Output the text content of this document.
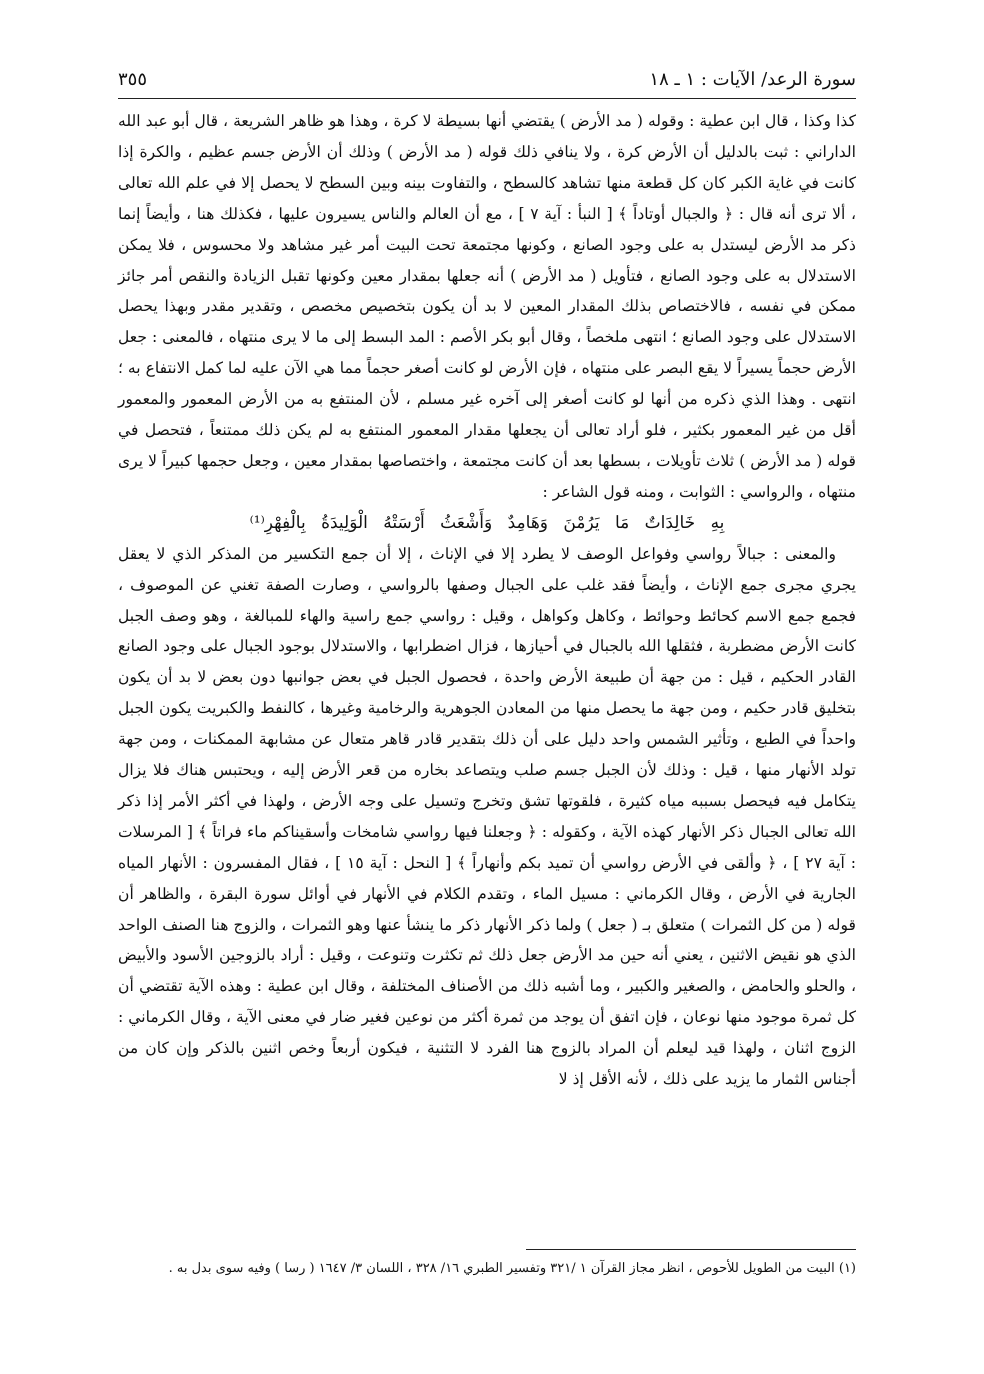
سورة الرعد/ الآيات : ١ ـ ١٨
٣٥٥

كذا وكذا ، قال ابن عطية : وقوله ( مد الأرض ) يقتضي أنها بسيطة لا كرة ، وهذا هو ظاهر الشريعة ، قال أبو عبد الله الداراني : ثبت بالدليل أن الأرض كرة ، ولا ينافي ذلك قوله ( مد الأرض ) وذلك أن الأرض جسم عظيم ، والكرة إذا كانت في غاية الكبر كان كل قطعة منها تشاهد كالسطح ، والتفاوت بينه وبين السطح لا يحصل إلا في علم الله تعالى ، ألا ترى أنه قال : ﴿ والجبال أوتاداً ﴾ [ النبأ : آية ٧ ] ، مع أن العالم والناس يسيرون عليها ، فكذلك هنا ، وأيضاً إنما ذكر مد الأرض ليستدل به على وجود الصانع ، وكونها مجتمعة تحت البيت أمر غير مشاهد ولا محسوس ، فلا يمكن الاستدلال به على وجود الصانع ، فتأويل ( مد الأرض ) أنه جعلها بمقدار معين وكونها تقبل الزيادة والنقص أمر جائز ممكن في نفسه ، فالاختصاص بذلك المقدار المعين لا بد أن يكون بتخصيص مخصص ، وتقدير مقدر وبهذا يحصل الاستدلال على وجود الصانع ؛ انتهى ملخصاً ، وقال أبو بكر الأصم : المد البسط إلى ما لا يرى منتهاه ، فالمعنى : جعل الأرض حجماً يسيراً لا يقع البصر على منتهاه ، فإن الأرض لو كانت أصغر حجماً مما هي الآن عليه لما كمل الانتفاع به ؛ انتهى . وهذا الذي ذكره من أنها لو كانت أصغر إلى آخره غير مسلم ، لأن المنتفع به من الأرض المعمور والمعمور أقل من غير المعمور بكثير ، فلو أراد تعالى أن يجعلها مقدار المعمور المنتفع به لم يكن ذلك ممتنعاً ، فتحصل في قوله ( مد الأرض ) ثلاث تأويلات ، بسطها بعد أن كانت مجتمعة ، واختصاصها بمقدار معين ، وجعل حجمها كبيراً لا يرى منتهاه ، والرواسي : الثوابت ، ومنه قول الشاعر :

بِهِ خَالِدَاتٌ مَا يَرُمْنَ وَهَامِدٌ وَأَشْعَثُ أَرْسَتْهُ الْوَلِيدَةُ بِالْفِهْرِ⁽¹⁾

والمعنى : جبالاً رواسي وفواعل الوصف لا يطرد إلا في الإناث ، إلا أن جمع التكسير من المذكر الذي لا يعقل يجري مجرى جمع الإناث ، وأيضاً فقد غلب على الجبال وصفها بالرواسي ، وصارت الصفة تغني عن الموصوف ، فجمع جمع الاسم كحائط وحوائط ، وكاهل وكواهل ، وقيل : رواسي جمع راسية والهاء للمبالغة ، وهو وصف الجبل كانت الأرض مضطربة ، فثقلها الله بالجبال في أحيازها ، فزال اضطرابها ، والاستدلال بوجود الجبال على وجود الصانع القادر الحكيم ، قيل : من جهة أن طبيعة الأرض واحدة ، فحصول الجبل في بعض جوانبها دون بعض لا بد أن يكون بتخليق قادر حكيم ، ومن جهة ما يحصل منها من المعادن الجوهرية والرخامية وغيرها ، كالنفط والكبريت يكون الجبل واحداً في الطبع ، وتأثير الشمس واحد دليل على أن ذلك بتقدير قادر قاهر متعال عن مشابهة الممكنات ، ومن جهة تولد الأنهار منها ، قيل : وذلك لأن الجبل جسم صلب ويتصاعد بخاره من قعر الأرض إليه ، ويحتبس هناك فلا يزال يتكامل فيه فيحصل بسببه مياه كثيرة ، فلقوتها تشق وتخرج وتسيل على وجه الأرض ، ولهذا في أكثر الأمر إذا ذكر الله تعالى الجبال ذكر الأنهار كهذه الآية ، وكقوله : ﴿ وجعلنا فيها رواسي شامخات وأسقيناكم ماء فراتاً ﴾ [ المرسلات : آية ٢٧ ] ، ﴿ وألقى في الأرض رواسي أن تميد بكم وأنهاراً ﴾ [ النحل : آية ١٥ ] ، فقال المفسرون : الأنهار المياه الجارية في الأرض ، وقال الكرماني : مسيل الماء ، وتقدم الكلام في الأنهار في أوائل سورة البقرة ، والظاهر أن قوله ( من كل الثمرات ) متعلق بـ ( جعل ) ولما ذكر الأنهار ذكر ما ينشأ عنها وهو الثمرات ، والزوج هنا الصنف الواحد الذي هو نقيض الاثنين ، يعني أنه حين مد الأرض جعل ذلك ثم تكثرت وتنوعت ، وقيل : أراد بالزوجين الأسود والأبيض ، والحلو والحامض ، والصغير والكبير ، وما أشبه ذلك من الأصناف المختلفة ، وقال ابن عطية : وهذه الآية تقتضي أن كل ثمرة موجود منها نوعان ، فإن اتفق أن يوجد من ثمرة أكثر من نوعين فغير ضار في معنى الآية ، وقال الكرماني : الزوج اثنان ، ولهذا قيد ليعلم أن المراد بالزوج هنا الفرد لا التثنية ، فيكون أربعاً وخص اثنين بالذكر وإن كان من أجناس الثمار ما يزيد على ذلك ، لأنه الأقل إذ لا

(١) البيت من الطويل للأحوص ، انظر مجاز القرآن ١ /٣٢١ وتفسير الطبري ١٦/ ٣٢٨ ، اللسان ٣/ ١٦٤٧ ( رسا ) وفيه سوى بدل به .
